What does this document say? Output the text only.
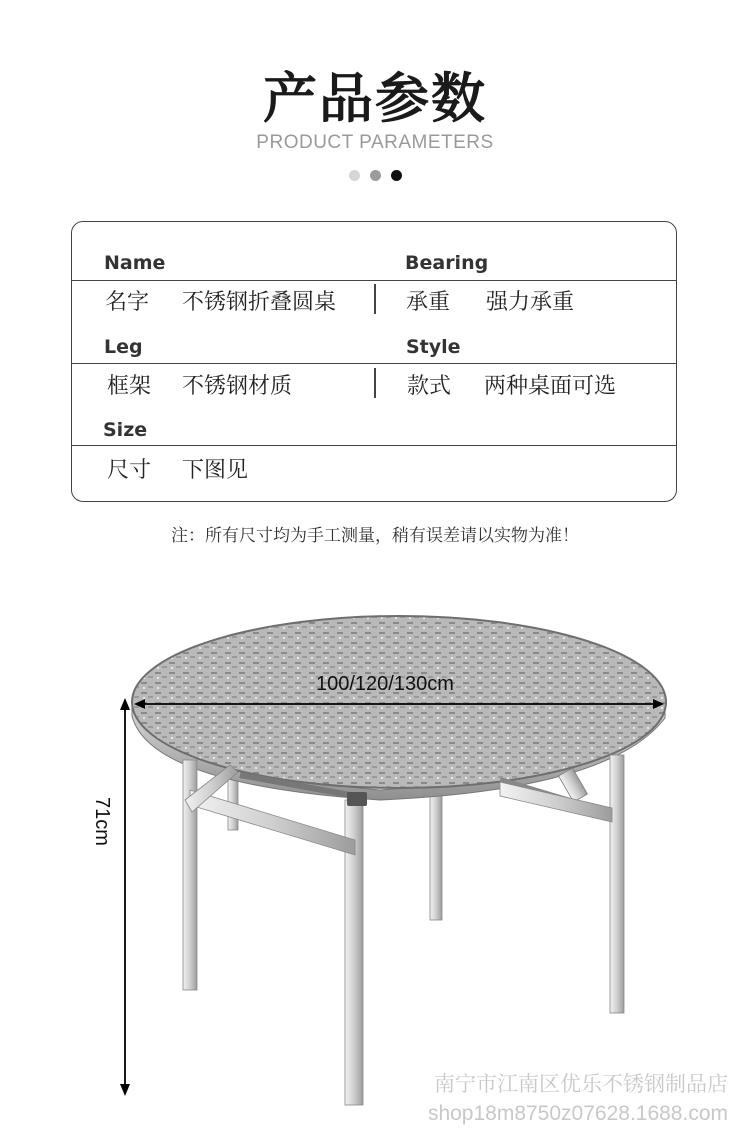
产品参数
PRODUCT PARAMETERS
Name	Bearing
名字 不锈钢折叠圆桌	承重 强力承重
Leg	Style
框架 不锈钢材质	款式 两种桌面可选
Size
尺寸 下图见
注：所有尺寸均为手工测量，稍有误差请以实物为准！
100/120/130cm
71cm
南宁市江南区优乐不锈钢制品店
shop18m8750z07628.1688.com
